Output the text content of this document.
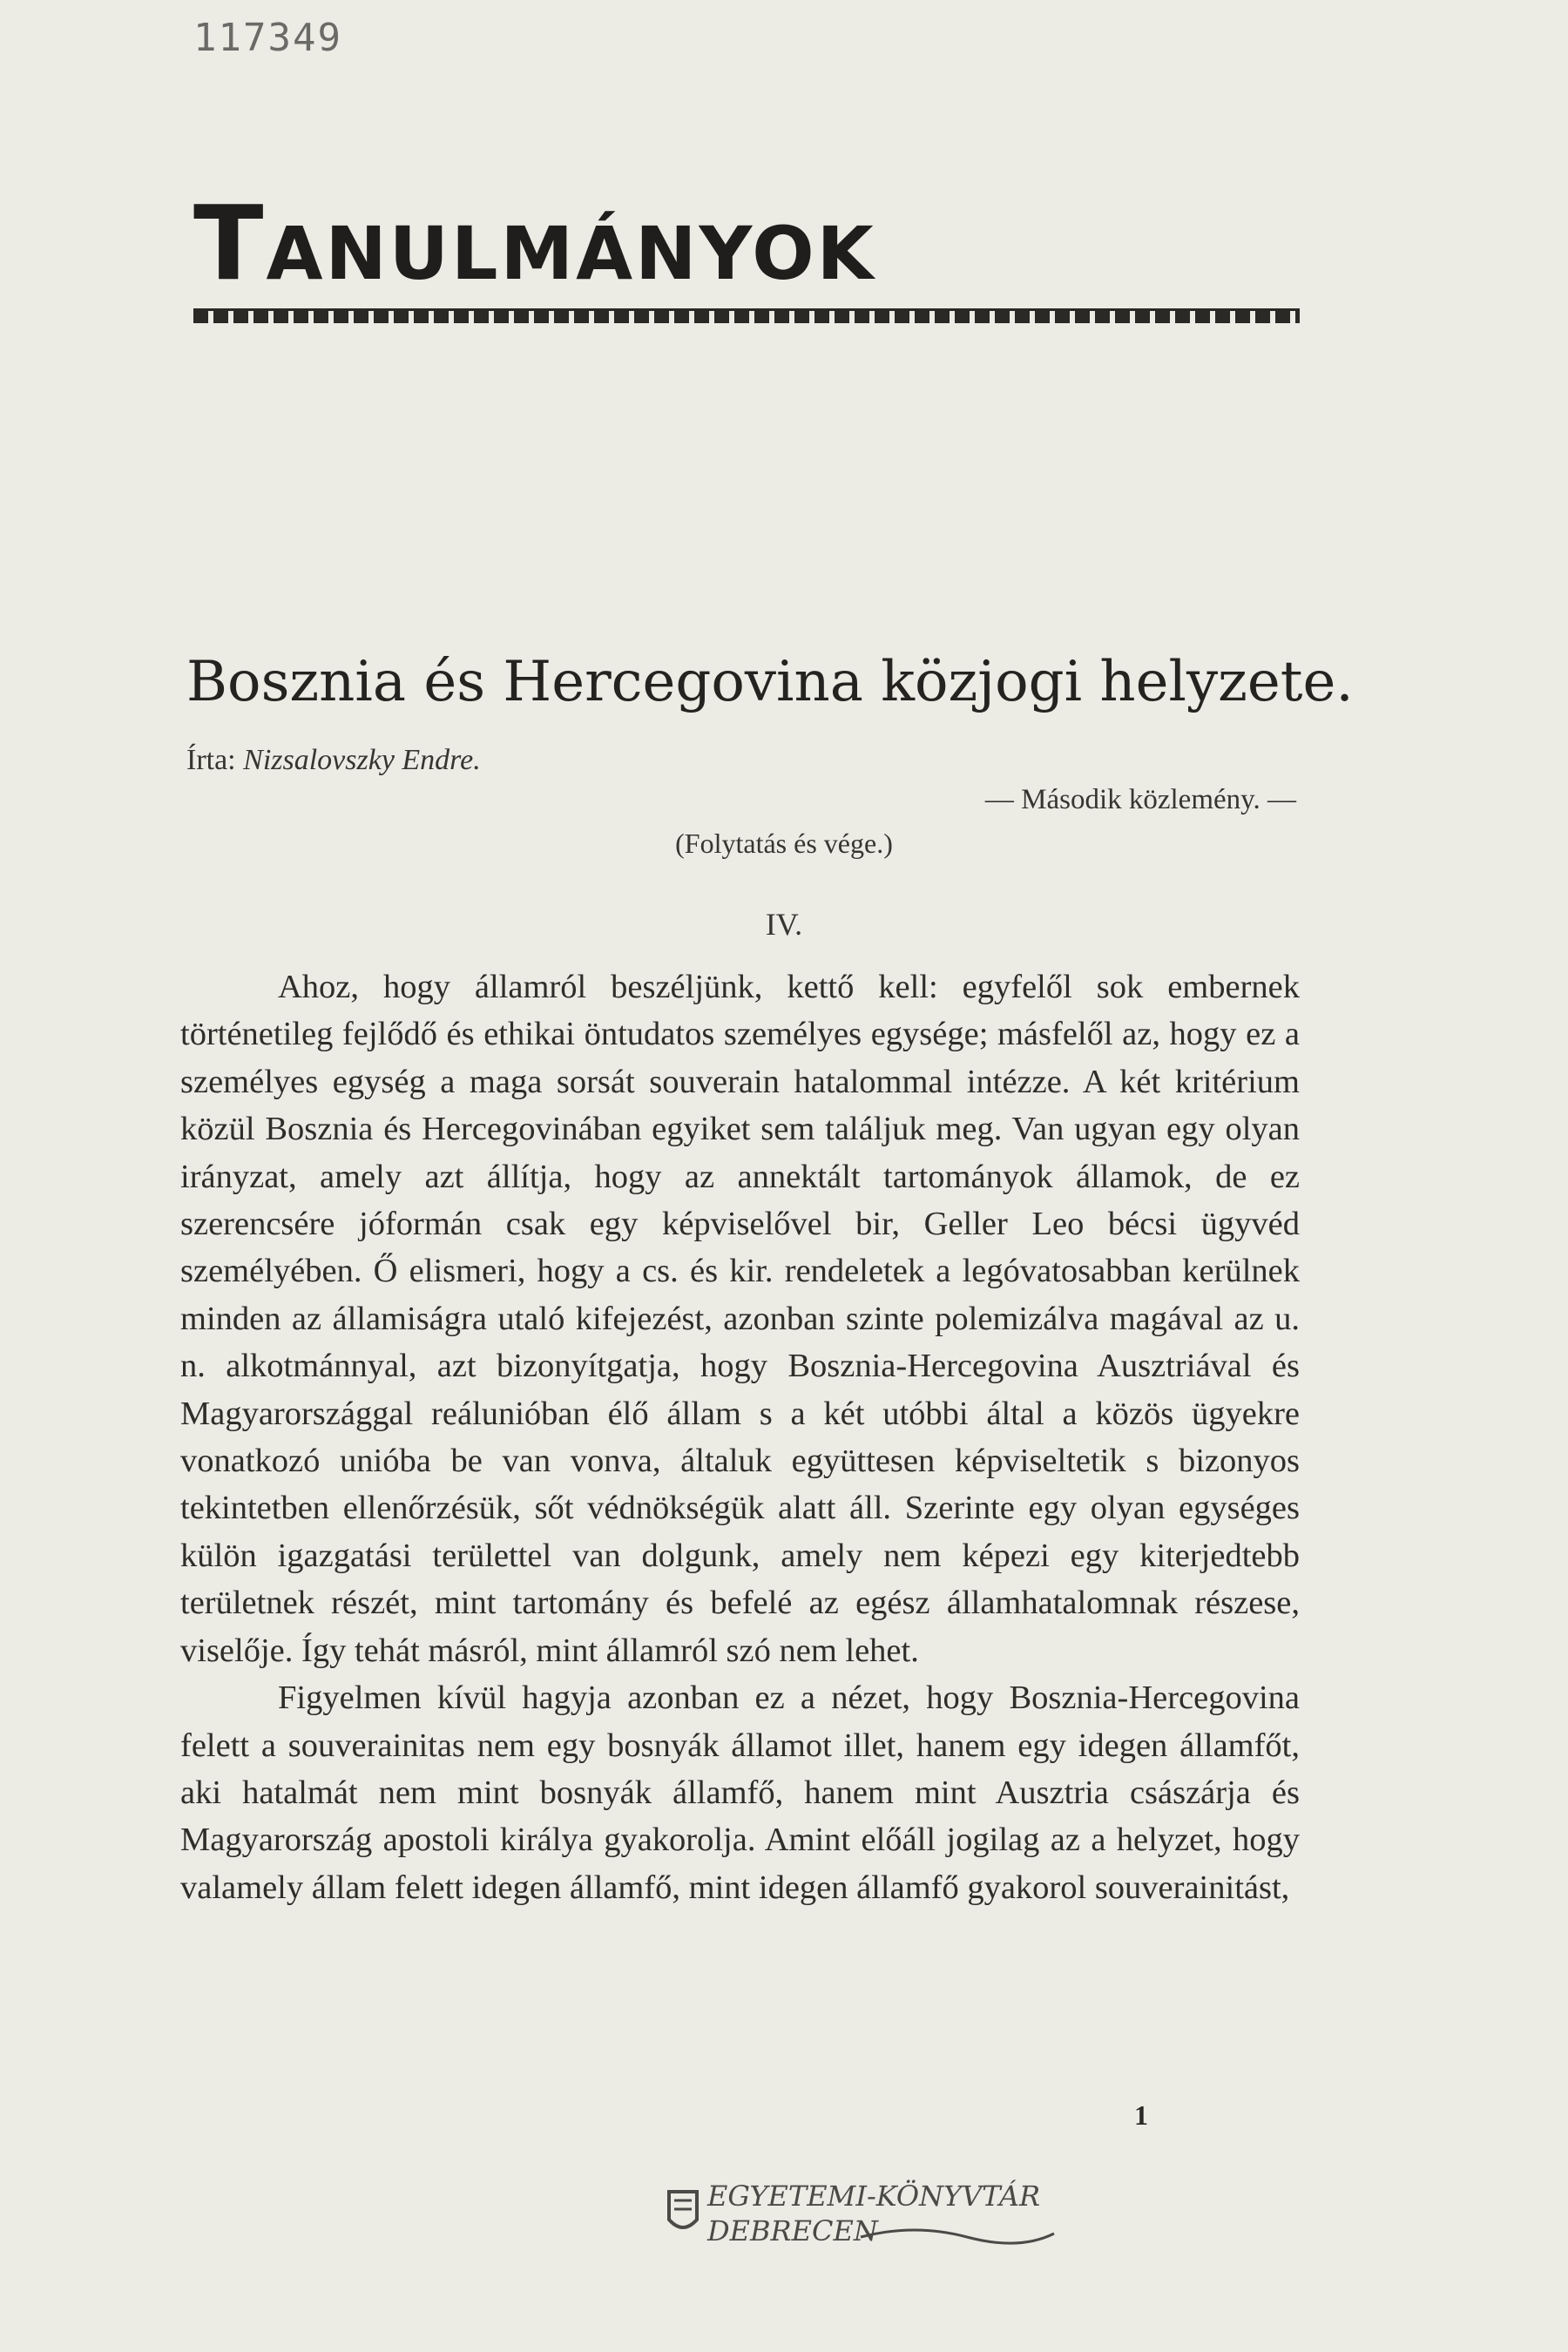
117349
TANULMÁNYOK
Bosznia és Hercegovina közjogi helyzete.
Írta: Nizsalovszky Endre.
— Második közlemény. —
(Folytatás és vége.)
IV.

Ahoz, hogy államról beszéljünk, kettő kell: egyfelől sok embernek történetileg fejlődő és ethikai öntudatos személyes egysége; másfelől az, hogy ez a személyes egység a maga sorsát souverain hatalommal intézze. A két kritérium közül Bosznia és Hercegovinában egyiket sem találjuk meg. Van ugyan egy olyan irányzat, amely azt állítja, hogy az annektált tartományok államok, de ez szerencsére jóformán csak egy képviselővel bir, Geller Leo bécsi ügyvéd személyében. Ő elismeri, hogy a cs. és kir. rendeletek a legóvatosabban kerülnek minden az államiságra utaló kifejezést, azonban szinte polemizálva magával az u. n. alkotmánnyal, azt bizonyítgatja, hogy Bosznia-Hercegovina Ausztriával és Magyarországgal reálunióban élő állam s a két utóbbi által a közös ügyekre vonatkozó unióba be van vonva, általuk együttesen képviseltetik s bizonyos tekintetben ellenőrzésük, sőt védnökségük alatt áll. Szerinte egy olyan egységes külön igazgatási területtel van dolgunk, amely nem képezi egy kiterjedtebb területnek részét, mint tartomány és befelé az egész államhatalomnak részese, viselője. Így tehát másról, mint államról szó nem lehet.

Figyelmen kívül hagyja azonban ez a nézet, hogy Bosznia-Hercegovina felett a souverainitas nem egy bosnyák államot illet, hanem egy idegen államfőt, aki hatalmát nem mint bosnyák államfő, hanem mint Ausztria császárja és Magyarország apostoli királya gyakorolja. Amint előáll jogilag az a helyzet, hogy valamely állam felett idegen államfő, mint idegen államfő gyakorol souverainitást,

1
EGYETEMI-KÖNYVTÁR
DEBRECEN
